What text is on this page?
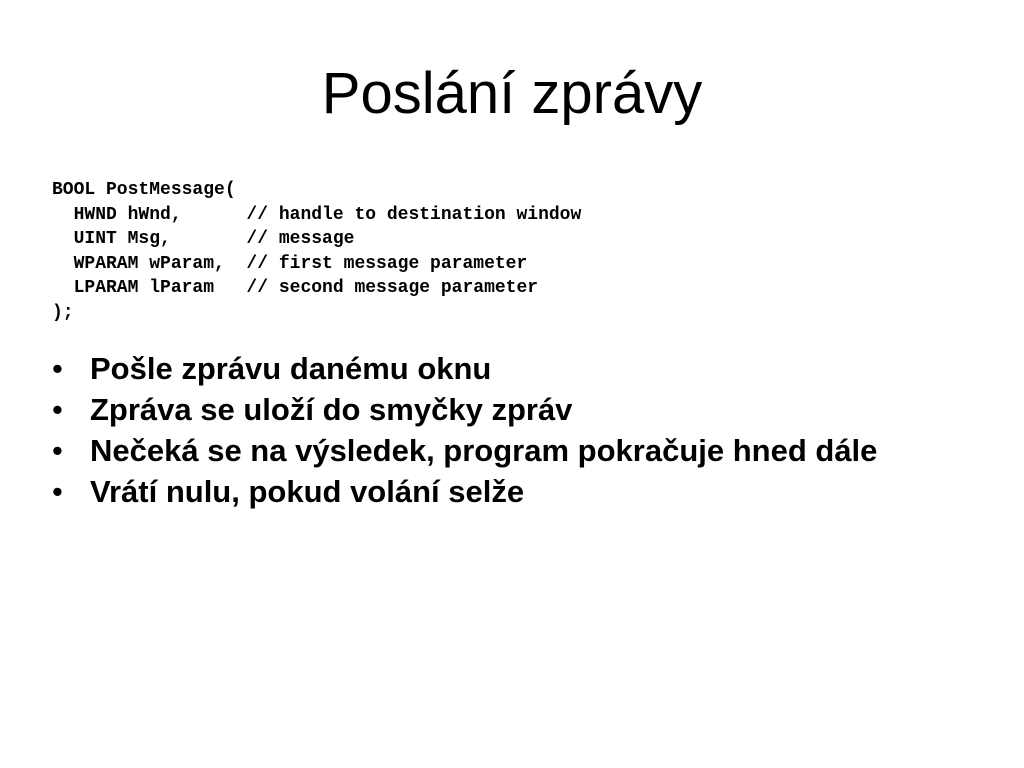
Poslání zprávy
BOOL PostMessage(
HWND hWnd,      // handle to destination window
UINT Msg,       // message
WPARAM wParam,  // first message parameter
LPARAM lParam   // second message parameter
);
• Pošle zprávu danému oknu
• Zpráva se uloží do smyčky zpráv
• Nečeká se na výsledek, program pokračuje hned dále
• Vrátí nulu, pokud volání selže
